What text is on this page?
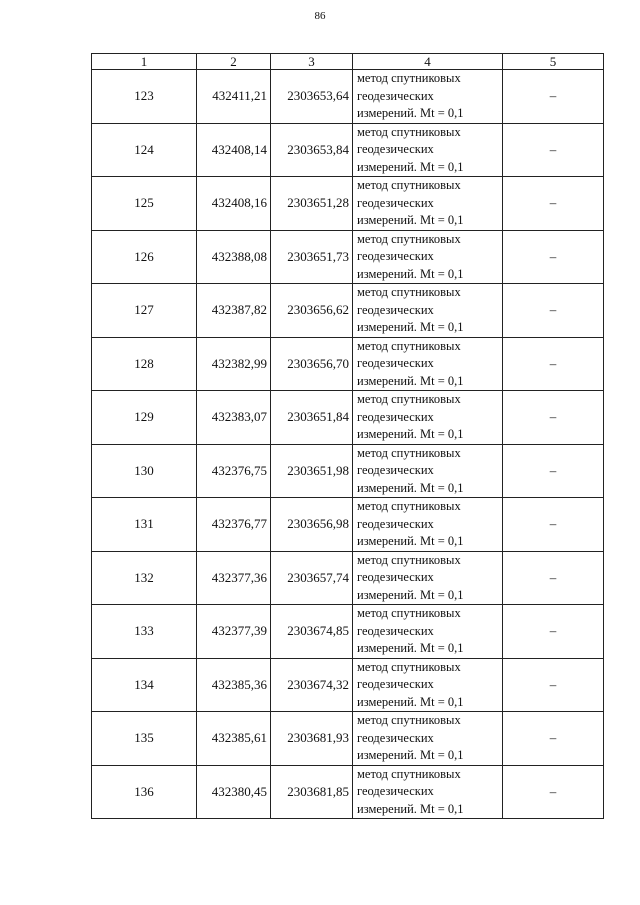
86
1	2	3	4	5
123	432411,21	2303653,64	метод спутниковых
геодезических
измерений. Mt = 0,1	–
124	432408,14	2303653,84	метод спутниковых
геодезических
измерений. Mt = 0,1	–
125	432408,16	2303651,28	метод спутниковых
геодезических
измерений. Mt = 0,1	–
126	432388,08	2303651,73	метод спутниковых
геодезических
измерений. Mt = 0,1	–
127	432387,82	2303656,62	метод спутниковых
геодезических
измерений. Mt = 0,1	–
128	432382,99	2303656,70	метод спутниковых
геодезических
измерений. Mt = 0,1	–
129	432383,07	2303651,84	метод спутниковых
геодезических
измерений. Mt = 0,1	–
130	432376,75	2303651,98	метод спутниковых
геодезических
измерений. Mt = 0,1	–
131	432376,77	2303656,98	метод спутниковых
геодезических
измерений. Mt = 0,1	–
132	432377,36	2303657,74	метод спутниковых
геодезических
измерений. Mt = 0,1	–
133	432377,39	2303674,85	метод спутниковых
геодезических
измерений. Mt = 0,1	–
134	432385,36	2303674,32	метод спутниковых
геодезических
измерений. Mt = 0,1	–
135	432385,61	2303681,93	метод спутниковых
геодезических
измерений. Mt = 0,1	–
136	432380,45	2303681,85	метод спутниковых
геодезических
измерений. Mt = 0,1	–
